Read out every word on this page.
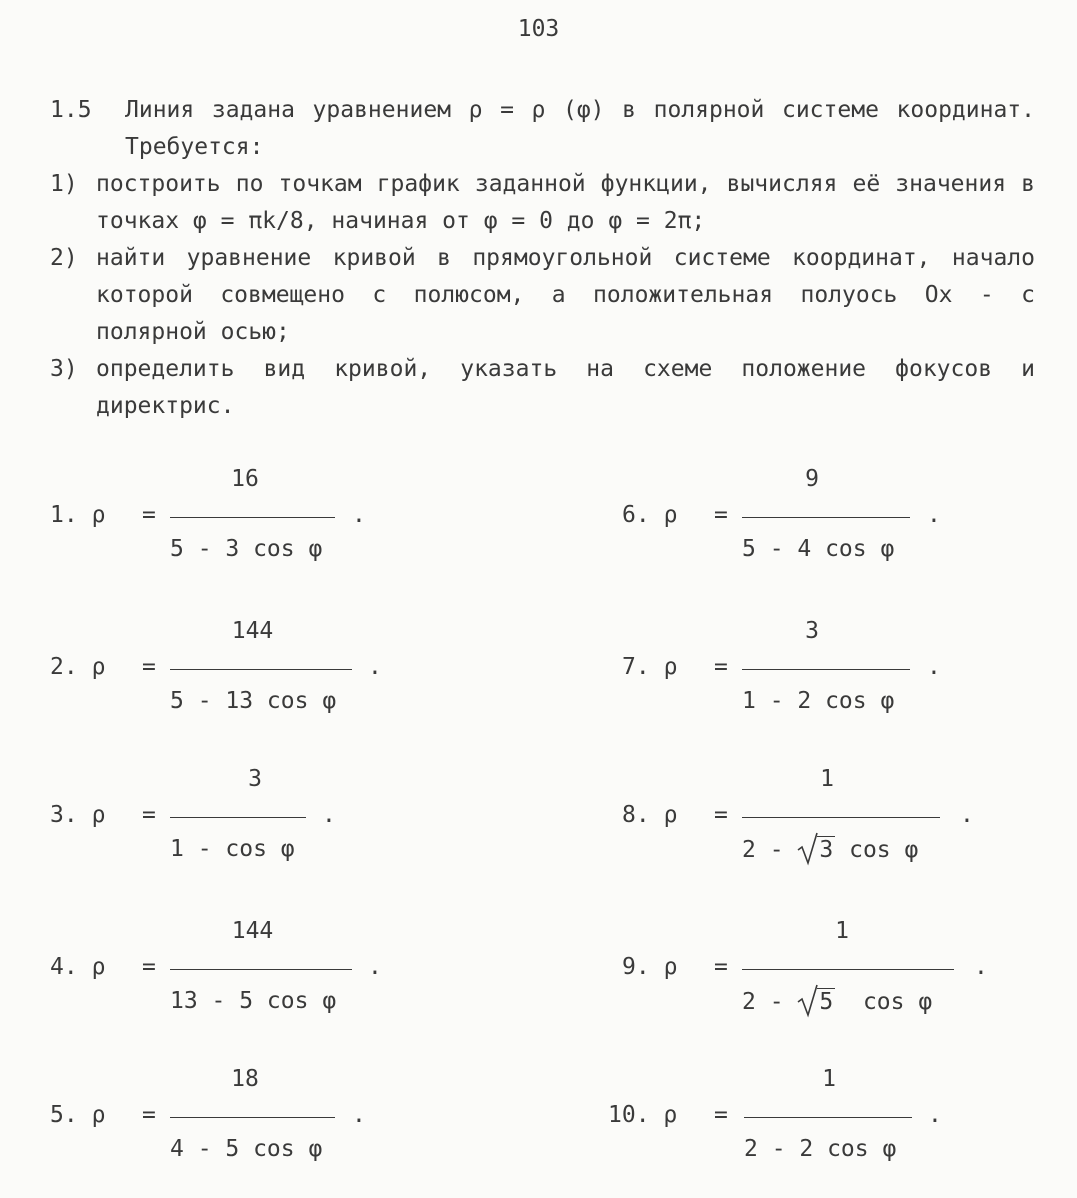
103
1.5	Линия задана уравнением ρ = ρ (φ) в полярной системе координат. Требуется:
1) построить по точкам график заданной функции, вычисляя её значения в точках φ = πk/8, начиная от φ = 0 до φ = 2π;
2) найти уравнение кривой в прямоугольной системе координат, начало которой совмещено с полюсом, а положительная полуось Ox - с полярной осью;
3) определить вид кривой, указать на схеме положение фокусов и директрис.
1. ρ =
16
5 - 3 cos φ
.
2. ρ =
144
5 - 13 cos φ
.
3. ρ =
3
1 - cos φ
.
4. ρ =
144
13 - 5 cos φ
.
5. ρ =
18
4 - 5 cos φ
.
6. ρ =
9
5 - 4 cos φ
.
7. ρ =
3
1 - 2 cos φ
.
8. ρ =
1
2 -
3 cos φ
.
9. ρ =
1
2 -
5  cos φ
.
10. ρ =
1
2 - 2 cos φ
.
